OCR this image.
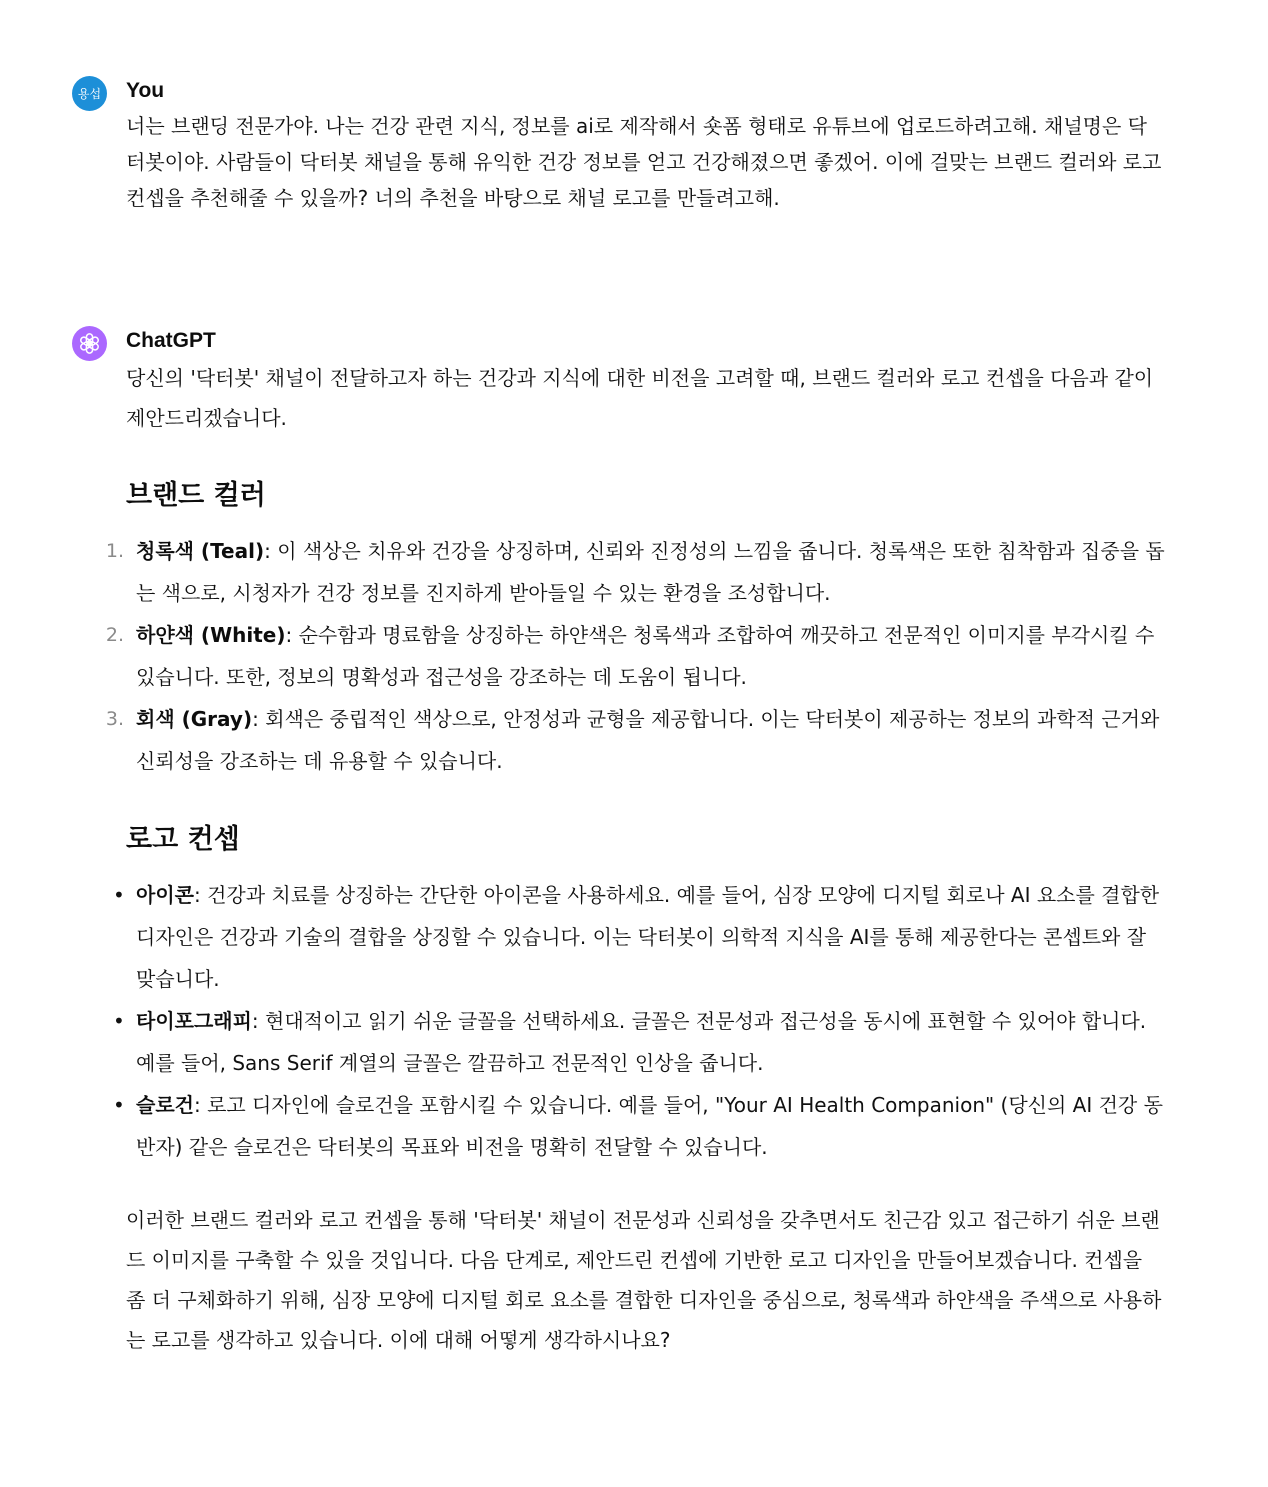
용섭 You
너는 브랜딩 전문가야. 나는 건강 관련 지식, 정보를 ai로 제작해서 숏폼 형태로 유튜브에 업로드하려고해. 채널명은 닥터봇이야. 사람들이 닥터봇 채널을 통해 유익한 건강 정보를 얻고 건강해졌으면 좋겠어. 이에 걸맞는 브랜드 컬러와 로고 컨셉을 추천해줄 수 있을까? 너의 추천을 바탕으로 채널 로고를 만들려고해.
ChatGPT

당신의 '닥터봇' 채널이 전달하고자 하는 건강과 지식에 대한 비전을 고려할 때, 브랜드 컬러와 로고 컨셉을 다음과 같이 제안드리겠습니다.

브랜드 컬러
1. 청록색 (Teal): 이 색상은 치유와 건강을 상징하며, 신뢰와 진정성의 느낌을 줍니다. 청록색은 또한 침착함과 집중을 돕는 색으로, 시청자가 건강 정보를 진지하게 받아들일 수 있는 환경을 조성합니다.
2. 하얀색 (White): 순수함과 명료함을 상징하는 하얀색은 청록색과 조합하여 깨끗하고 전문적인 이미지를 부각시킬 수 있습니다. 또한, 정보의 명확성과 접근성을 강조하는 데 도움이 됩니다.
3. 회색 (Gray): 회색은 중립적인 색상으로, 안정성과 균형을 제공합니다. 이는 닥터봇이 제공하는 정보의 과학적 근거와 신뢰성을 강조하는 데 유용할 수 있습니다.
로고 컨셉
• 아이콘: 건강과 치료를 상징하는 간단한 아이콘을 사용하세요. 예를 들어, 심장 모양에 디지털 회로나 AI 요소를 결합한 디자인은 건강과 기술의 결합을 상징할 수 있습니다. 이는 닥터봇이 의학적 지식을 AI를 통해 제공한다는 콘셉트와 잘 맞습니다.
• 타이포그래피: 현대적이고 읽기 쉬운 글꼴을 선택하세요. 글꼴은 전문성과 접근성을 동시에 표현할 수 있어야 합니다. 예를 들어, Sans Serif 계열의 글꼴은 깔끔하고 전문적인 인상을 줍니다.
• 슬로건: 로고 디자인에 슬로건을 포함시킬 수 있습니다. 예를 들어, "Your AI Health Companion" (당신의 AI 건강 동반자) 같은 슬로건은 닥터봇의 목표와 비전을 명확히 전달할 수 있습니다.

이러한 브랜드 컬러와 로고 컨셉을 통해 '닥터봇' 채널이 전문성과 신뢰성을 갖추면서도 친근감 있고 접근하기 쉬운 브랜드 이미지를 구축할 수 있을 것입니다. 다음 단계로, 제안드린 컨셉에 기반한 로고 디자인을 만들어보겠습니다. 컨셉을 좀 더 구체화하기 위해, 심장 모양에 디지털 회로 요소를 결합한 디자인을 중심으로, 청록색과 하얀색을 주색으로 사용하는 로고를 생각하고 있습니다. 이에 대해 어떻게 생각하시나요?
